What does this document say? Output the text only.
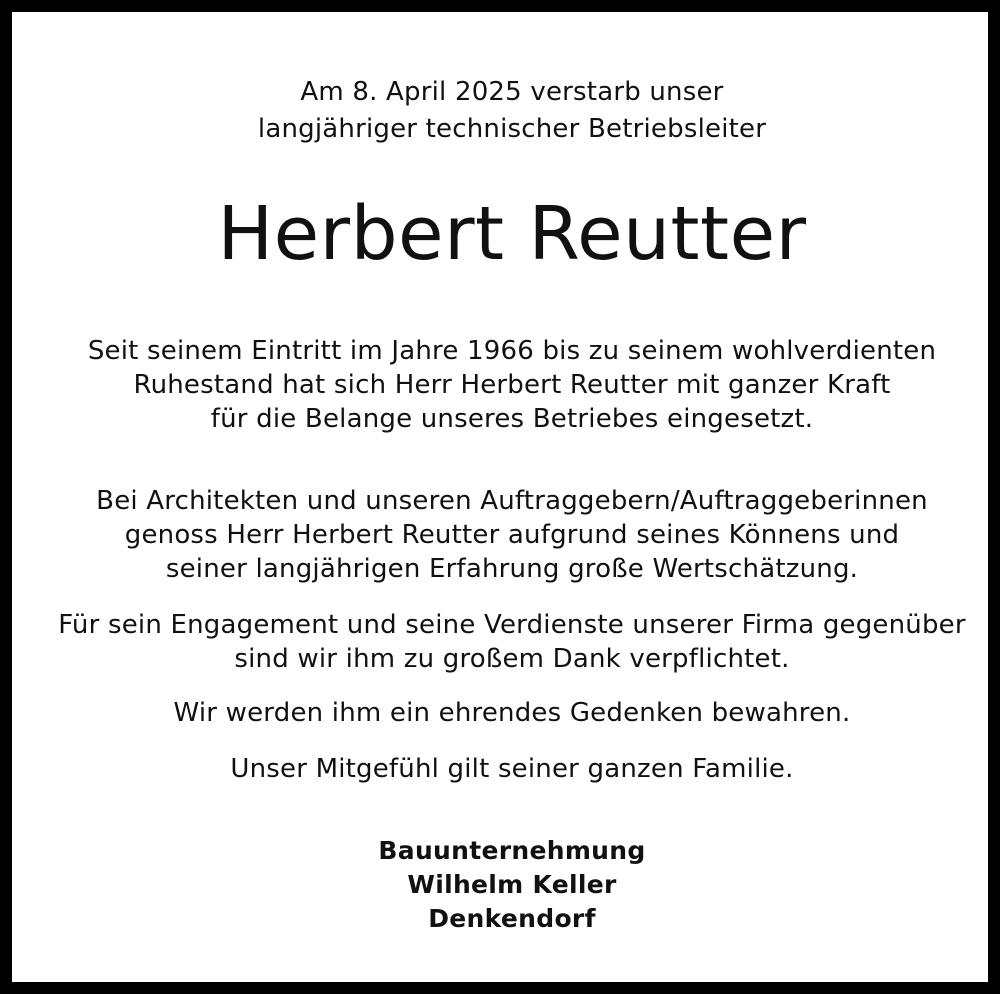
Am 8. April 2025 verstarb unser
langjähriger technischer Betriebsleiter
Herbert Reutter
Seit seinem Eintritt im Jahre 1966 bis zu seinem wohlverdienten
Ruhestand hat sich Herr Herbert Reutter mit ganzer Kraft
für die Belange unseres Betriebes eingesetzt.
Bei Architekten und unseren Auftraggebern/Auftraggeberinnen
genoss Herr Herbert Reutter aufgrund seines Könnens und
seiner langjährigen Erfahrung große Wertschätzung.
Für sein Engagement und seine Verdienste unserer Firma gegenüber
sind wir ihm zu großem Dank verpflichtet.
Wir werden ihm ein ehrendes Gedenken bewahren.
Unser Mitgefühl gilt seiner ganzen Familie.
Bauunternehmung
Wilhelm Keller
Denkendorf
